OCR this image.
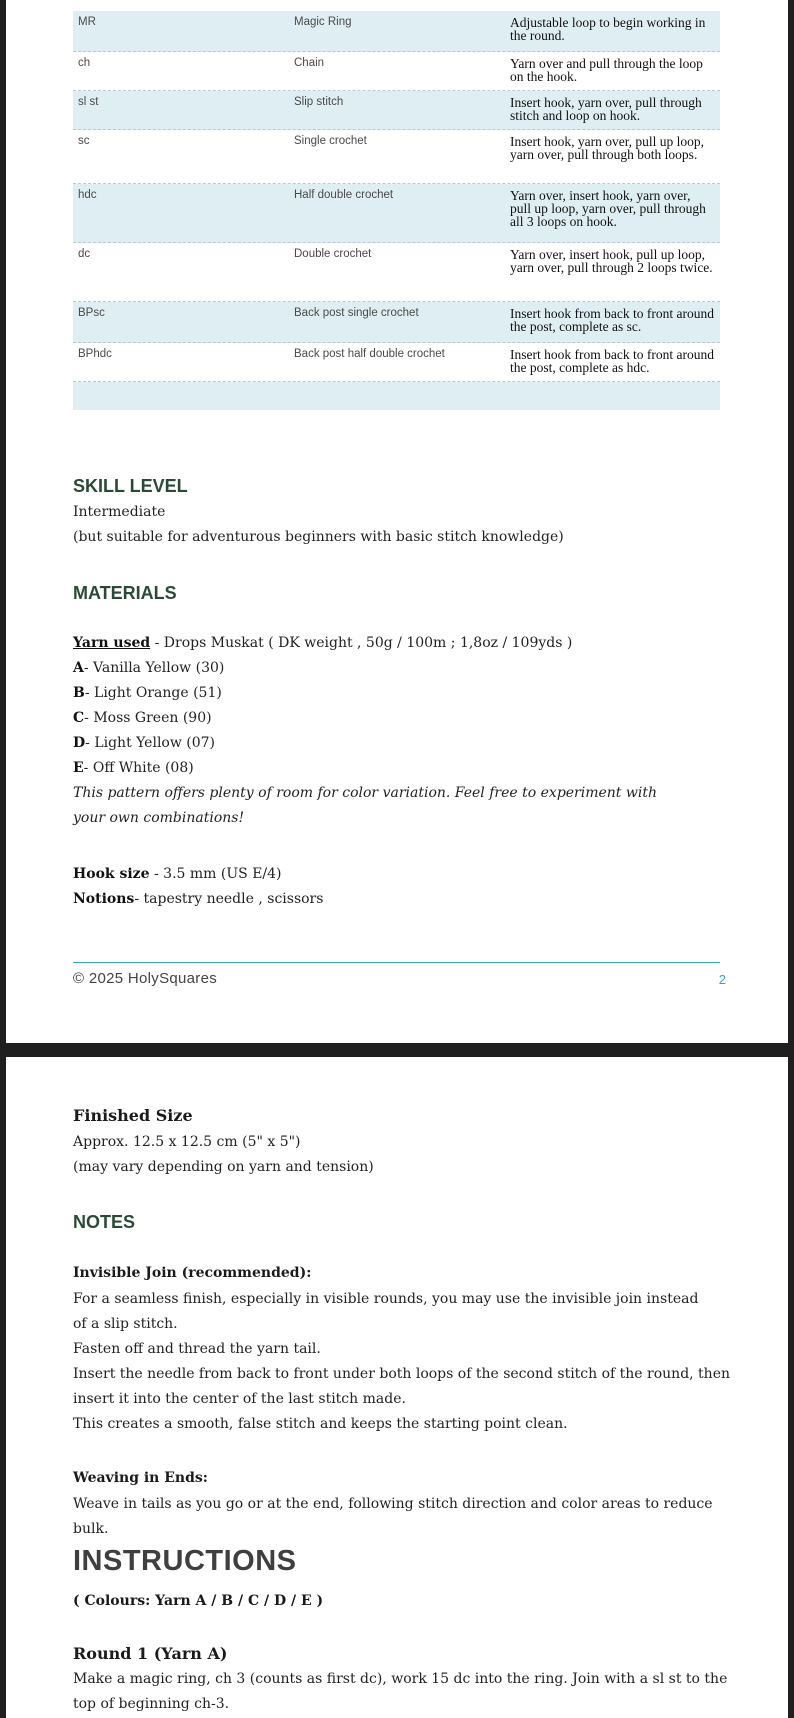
MR	Magic Ring	Adjustable loop to begin working in the round.
ch	Chain	Yarn over and pull through the loop on the hook.
sl st	Slip stitch	Insert hook, yarn over, pull through stitch and loop on hook.
sc	Single crochet	Insert hook, yarn over, pull up loop, yarn over, pull through both loops.
hdc	Half double crochet	Yarn over, insert hook, yarn over, pull up loop, yarn over, pull through all 3 loops on hook.
dc	Double crochet	Yarn over, insert hook, pull up loop, yarn over, pull through 2 loops twice.
BPsc	Back post single crochet	Insert hook from back to front around the post, complete as sc.
BPhdc	Back post half double crochet	Insert hook from back to front around the post, complete as hdc.
SKILL LEVEL
Intermediate
(but suitable for adventurous beginners with basic stitch knowledge)
MATERIALS
Yarn used - Drops Muskat ( DK weight , 50g / 100m ; 1,8oz / 109yds )
A- Vanilla Yellow (30)
B- Light Orange (51)
C- Moss Green (90)
D- Light Yellow (07)
E- Off White (08)
This pattern offers plenty of room for color variation. Feel free to experiment with your own combinations!
Hook size - 3.5 mm (US E/4)
Notions- tapestry needle , scissors
© 2025 HolySquares	2
Finished Size
Approx. 12.5 x 12.5 cm (5" x 5")
(may vary depending on yarn and tension)
NOTES
Invisible Join (recommended):
For a seamless finish, especially in visible rounds, you may use the invisible join instead of a slip stitch.
Fasten off and thread the yarn tail.
Insert the needle from back to front under both loops of the second stitch of the round, then insert it into the center of the last stitch made.
This creates a smooth, false stitch and keeps the starting point clean.
Weaving in Ends:
Weave in tails as you go or at the end, following stitch direction and color areas to reduce bulk.
INSTRUCTIONS
( Colours: Yarn A / B / C / D / E )
Round 1 (Yarn A)
Make a magic ring, ch 3 (counts as first dc), work 15 dc into the ring. Join with a sl st to the top of beginning ch-3.
